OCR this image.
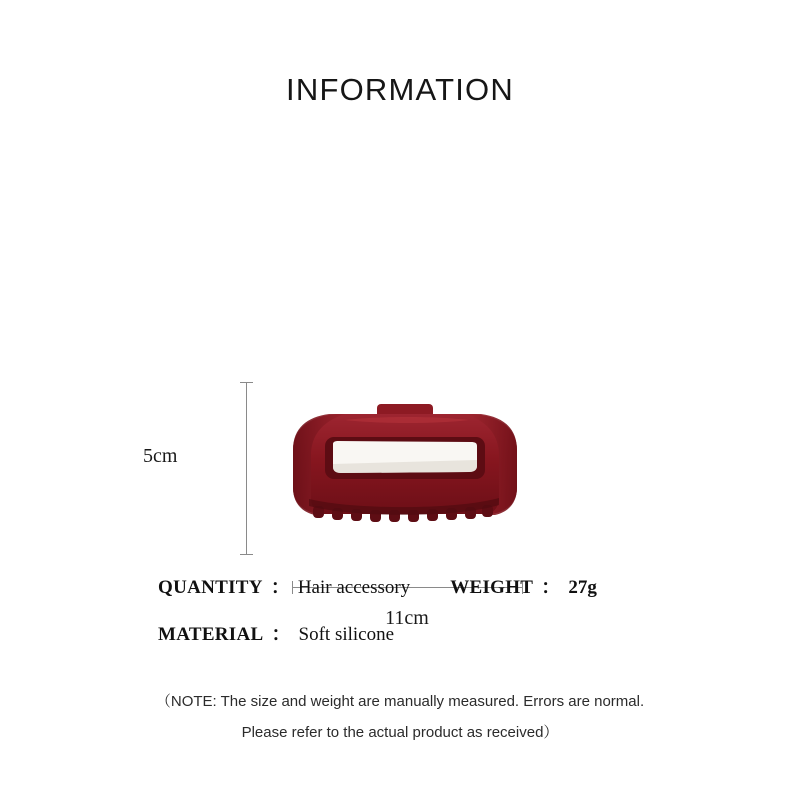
INFORMATION
5cm
11cm
QUANTITY ： Hair accessory WEIGHT ： 27g
MATERIAL ： Soft silicone
（NOTE: The size and weight are manually measured. Errors are normal.
Please refer to the actual product as received）
